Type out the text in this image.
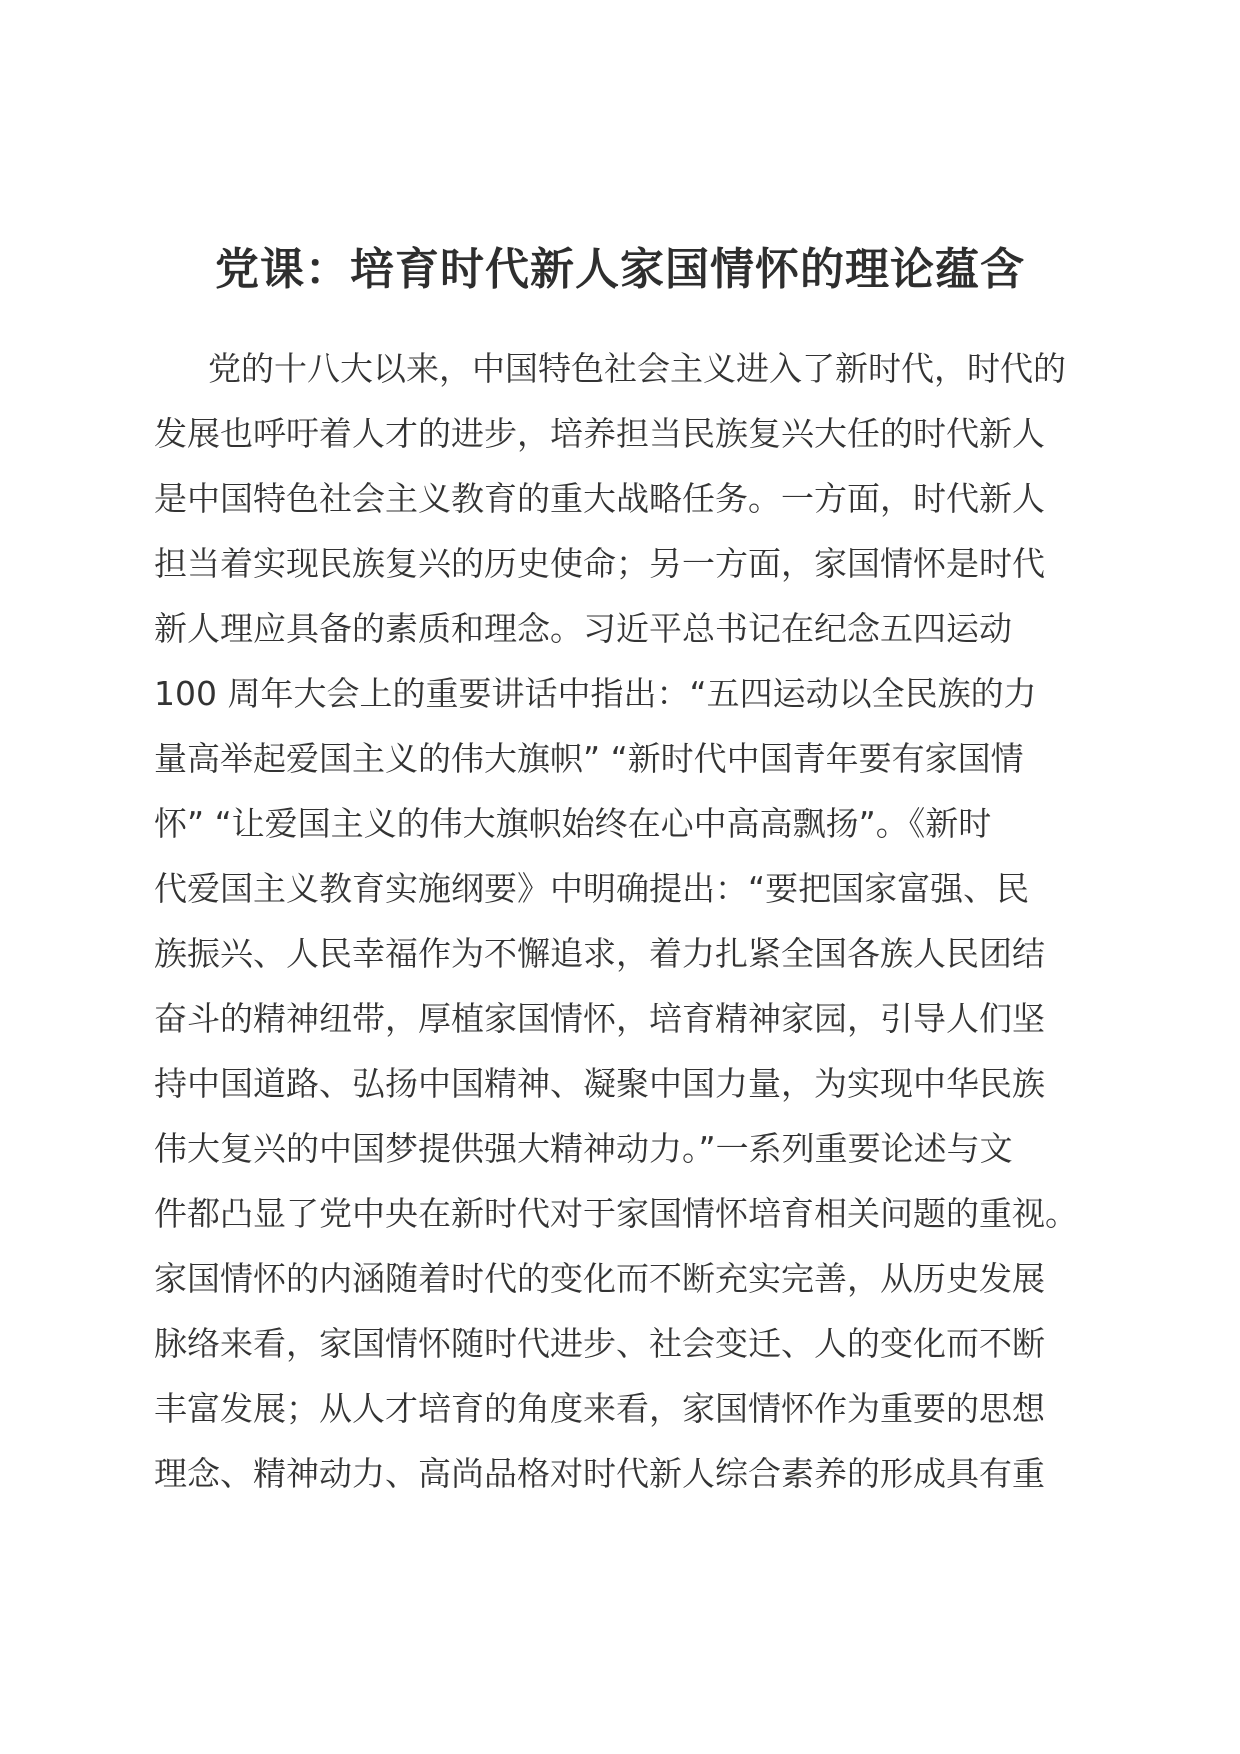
党课：培育时代新人家国情怀的理论蕴含
党的十八大以来，中国特色社会主义进入了新时代，时代的
发展也呼吁着人才的进步，培养担当民族复兴大任的时代新人
是中国特色社会主义教育的重大战略任务。一方面，时代新人
担当着实现民族复兴的历史使命；另一方面，家国情怀是时代
新人理应具备的素质和理念。习近平总书记在纪念五四运动
100 周年大会上的重要讲话中指出：“五四运动以全民族的力
量高举起爱国主义的伟大旗帜” “新时代中国青年要有家国情
怀” “让爱国主义的伟大旗帜始终在心中高高飘扬”。《新时
代爱国主义教育实施纲要》中明确提出：“要把国家富强、民
族振兴、人民幸福作为不懈追求，着力扎紧全国各族人民团结
奋斗的精神纽带，厚植家国情怀，培育精神家园，引导人们坚
持中国道路、弘扬中国精神、凝聚中国力量，为实现中华民族
伟大复兴的中国梦提供强大精神动力。”一系列重要论述与文
件都凸显了党中央在新时代对于家国情怀培育相关问题的重视。
家国情怀的内涵随着时代的变化而不断充实完善，从历史发展
脉络来看，家国情怀随时代进步、社会变迁、人的变化而不断
丰富发展；从人才培育的角度来看，家国情怀作为重要的思想
理念、精神动力、高尚品格对时代新人综合素养的形成具有重
